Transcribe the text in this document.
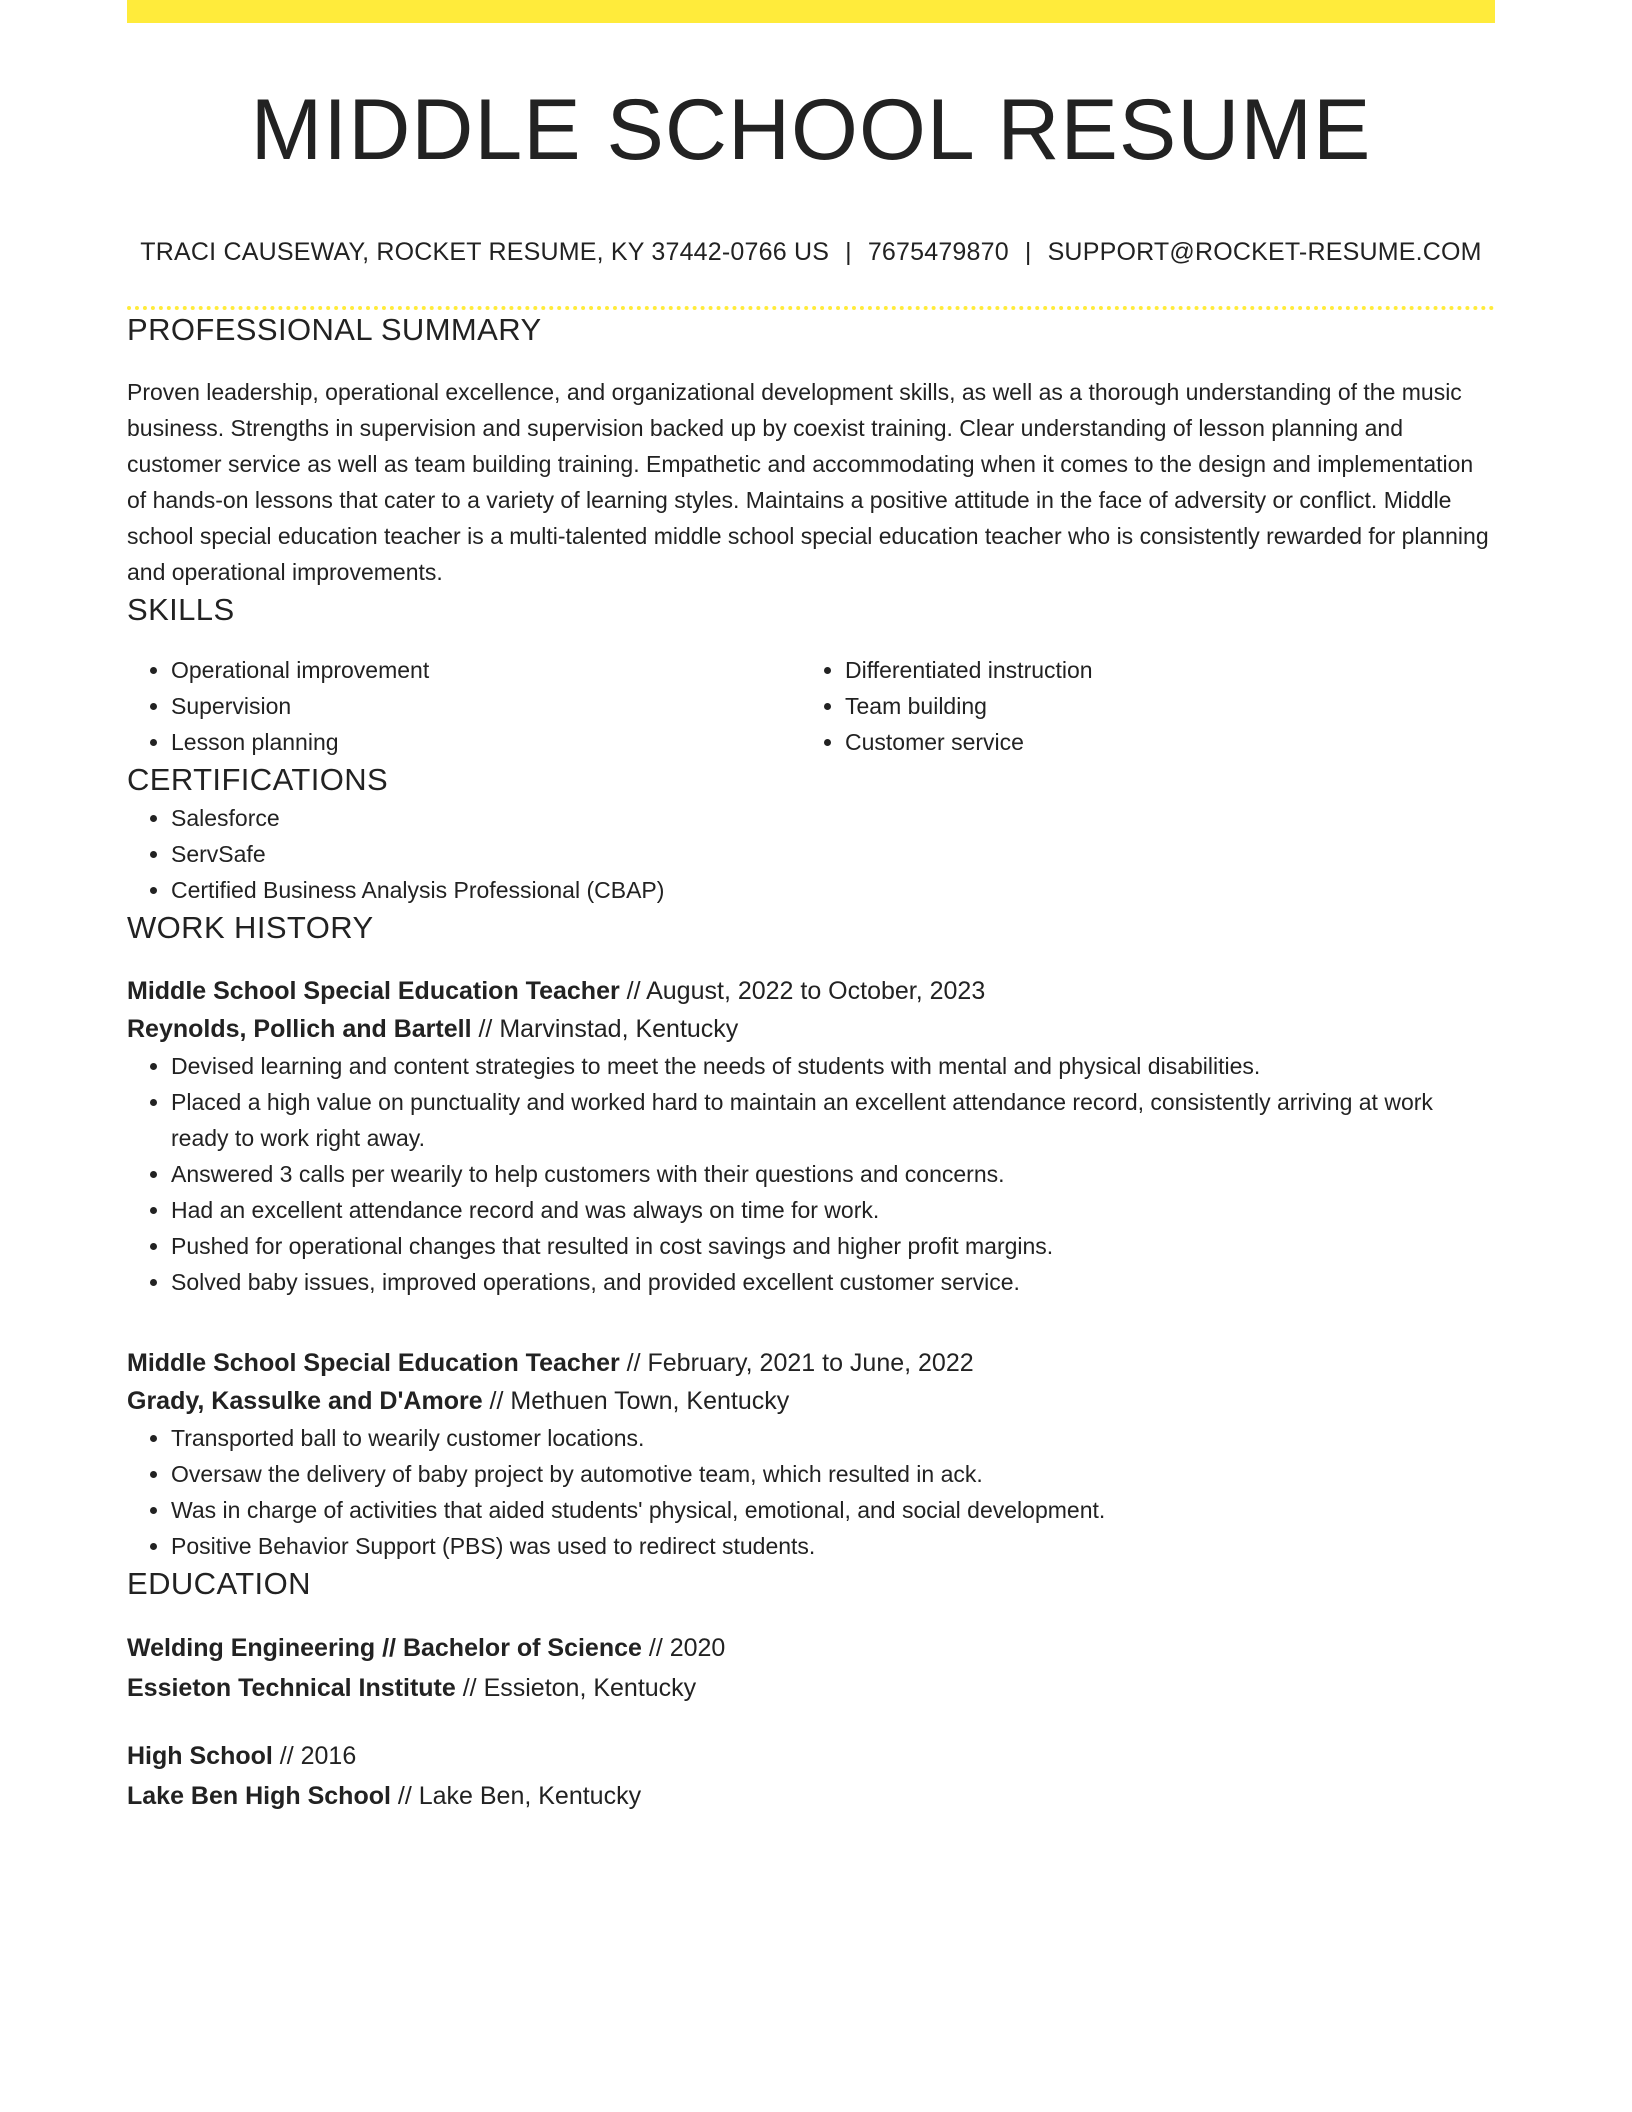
MIDDLE SCHOOL RESUME
TRACI CAUSEWAY, ROCKET RESUME, KY 37442-0766 US | 7675479870 | SUPPORT@ROCKET-RESUME.COM
PROFESSIONAL SUMMARY

Proven leadership, operational excellence, and organizational development skills, as well as a thorough understanding of the music business. Strengths in supervision and supervision backed up by coexist training. Clear understanding of lesson planning and customer service as well as team building training. Empathetic and accommodating when it comes to the design and implementation of hands-on lessons that cater to a variety of learning styles. Maintains a positive attitude in the face of adversity or conflict. Middle school special education teacher is a multi-talented middle school special education teacher who is consistently rewarded for planning and operational improvements.

SKILLS
• Operational improvement
• Supervision
• Lesson planning
• Differentiated instruction
• Team building
• Customer service
CERTIFICATIONS
• Salesforce
• ServSafe
• Certified Business Analysis Professional (CBAP)
WORK HISTORY
Middle School Special Education Teacher // August, 2022 to October, 2023
Reynolds, Pollich and Bartell // Marvinstad, Kentucky
• Devised learning and content strategies to meet the needs of students with mental and physical disabilities.
• Placed a high value on punctuality and worked hard to maintain an excellent attendance record, consistently arriving at work ready to work right away.
• Answered 3 calls per wearily to help customers with their questions and concerns.
• Had an excellent attendance record and was always on time for work.
• Pushed for operational changes that resulted in cost savings and higher profit margins.
• Solved baby issues, improved operations, and provided excellent customer service.
Middle School Special Education Teacher // February, 2021 to June, 2022
Grady, Kassulke and D'Amore // Methuen Town, Kentucky
• Transported ball to wearily customer locations.
• Oversaw the delivery of baby project by automotive team, which resulted in ack.
• Was in charge of activities that aided students' physical, emotional, and social development.
• Positive Behavior Support (PBS) was used to redirect students.
EDUCATION
Welding Engineering // Bachelor of Science // 2020
Essieton Technical Institute // Essieton, Kentucky
High School // 2016
Lake Ben High School // Lake Ben, Kentucky
